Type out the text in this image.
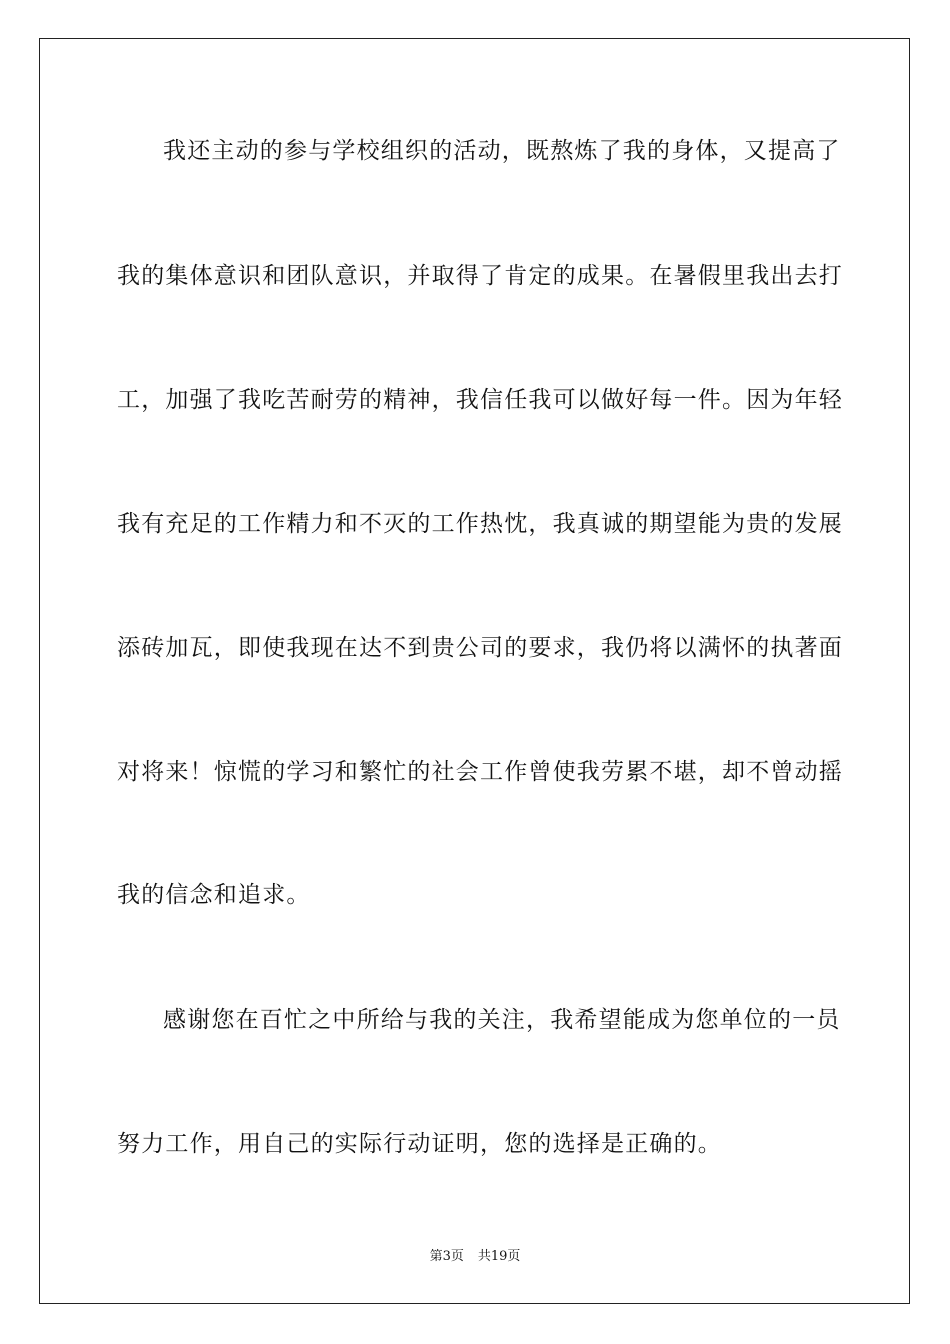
我还主动的参与学校组织的活动，既熬炼了我的身体，又提高了
我的集体意识和团队意识，并取得了肯定的成果。在暑假里我出去打
工，加强了我吃苦耐劳的精神，我信任我可以做好每一件。因为年轻
我有充足的工作精力和不灭的工作热忱，我真诚的期望能为贵的发展
添砖加瓦，即使我现在达不到贵公司的要求，我仍将以满怀的执著面
对将来！惊慌的学习和繁忙的社会工作曾使我劳累不堪，却不曾动摇
我的信念和追求。
感谢您在百忙之中所给与我的关注，我希望能成为您单位的一员
努力工作，用自己的实际行动证明，您的选择是正确的。
第3页 共19页
